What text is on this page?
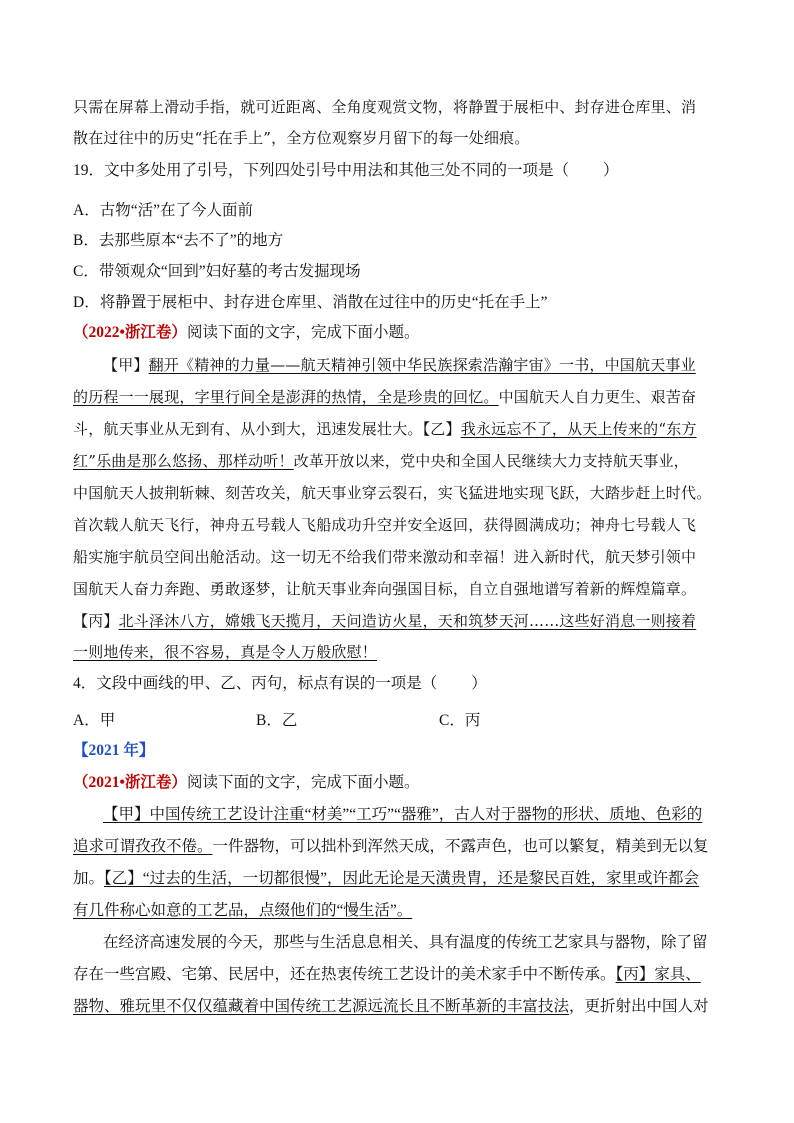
只需在屏幕上滑动手指，就可近距离、全角度观赏文物，将静置于展柜中、封存进仓库里、消
散在过往中的历史“托在手上”，全方位观察岁月留下的每一处细痕。
19．文中多处用了引号，下列四处引号中用法和其他三处不同的一项是（ ）
A．古物“活”在了今人面前
B．去那些原本“去不了”的地方
C．带领观众“回到”妇好墓的考古发掘现场
D．将静置于展柜中、封存进仓库里、消散在过往中的历史“托在手上”
（2022•浙江卷）阅读下面的文字，完成下面小题。
【甲】翻开《精神的力量——航天精神引领中华民族探索浩瀚宇宙》一书，中国航天事业
的历程一一展现，字里行间全是澎湃的热情，全是珍贵的回忆。中国航天人自力更生、艰苦奋
斗，航天事业从无到有、从小到大，迅速发展壮大。【乙】我永远忘不了，从天上传来的“东方
红”乐曲是那么悠扬、那样动听！改革开放以来，党中央和全国人民继续大力支持航天事业，
中国航天人披荆斩棘、刻苦攻关，航天事业穿云裂石，实飞猛进地实现飞跃，大踏步赶上时代。
首次载人航天飞行，神舟五号载人飞船成功升空并安全返回，获得圆满成功；神舟七号载人飞
船实施宇航员空间出舱活动。这一切无不给我们带来激动和幸福！进入新时代，航天梦引领中
国航天人奋力奔跑、勇敢逐梦，让航天事业奔向强国目标，自立自强地谱写着新的辉煌篇章。
【丙】北斗泽沐八方，嫦娥飞天揽月，天问造访火星，天和筑梦天河……这些好消息一则接着
一则地传来，很不容易，真是令人万般欣慰！
4．文段中画线的甲、乙、丙句，标点有误的一项是（ ）
A．甲	B．乙	C．丙
【2021 年】
（2021•浙江卷）阅读下面的文字，完成下面小题。
【甲】中国传统工艺设计注重“材美”“工巧”“器雅”，古人对于器物的形状、质地、色彩的
追求可谓孜孜不倦。一件器物，可以拙朴到浑然天成，不露声色，也可以繁复，精美到无以复
加。【乙】“过去的生活，一切都很慢”，因此无论是天潢贵胄，还是黎民百姓，家里或许都会
有几件称心如意的工艺品，点缀他们的“慢生活”。
在经济高速发展的今天，那些与生活息息相关、具有温度的传统工艺家具与器物，除了留
存在一些宫殿、宅第、民居中，还在热衷传统工艺设计的美术家手中不断传承。【丙】家具、
器物、雅玩里不仅仅蕴藏着中国传统工艺源远流长且不断革新的丰富技法，更折射出中国人对
